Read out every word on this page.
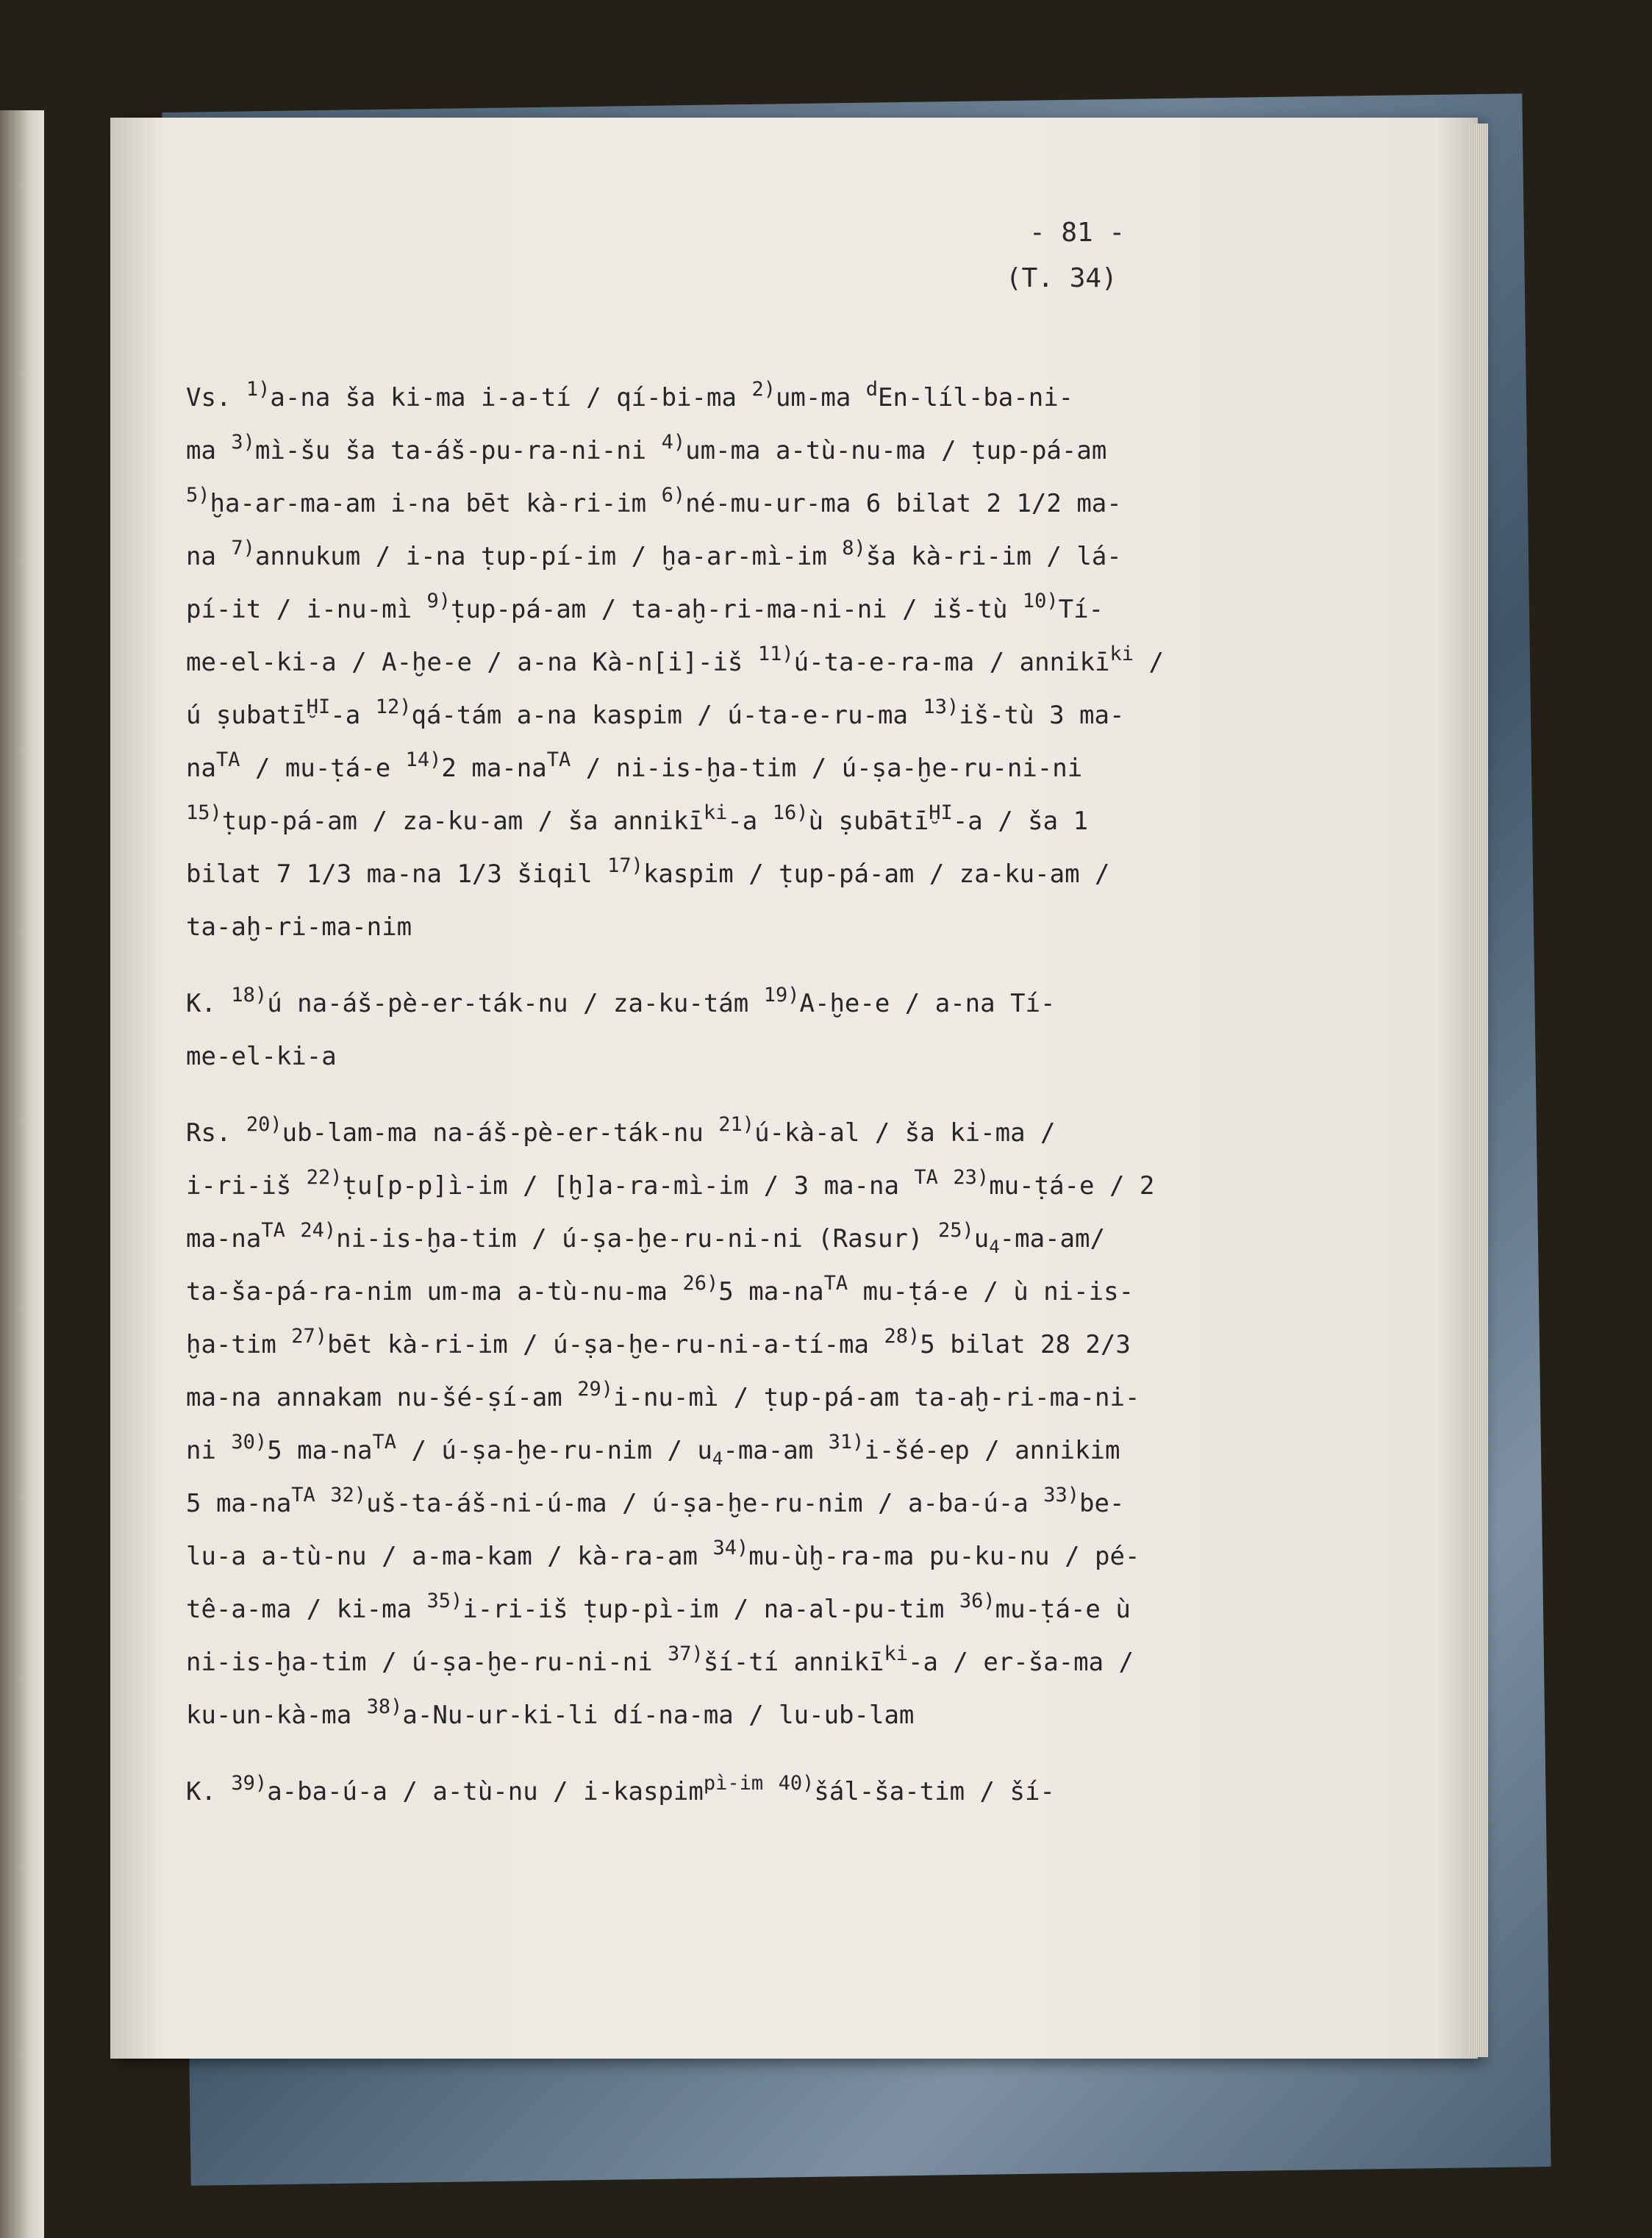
- 81 -
(T. 34)
Vs. $^{1)}$a-na ša ki-ma i-a-tí / qí-bi-ma $^{2)}$um-ma $^d$En-líl-ba-ni-
ma $^{3)}$mì-šu ša ta-áš-pu-ra-ni-ni $^{4)}$um-ma a-tù-nu-ma / ṭup-pá-am
$^{5)}$ḫa-ar-ma-am i-na bēt kà-ri-im $^{6)}$né-mu-ur-ma 6 bilat 2 1/2 ma-
na $^{7)}$annukum / i-na ṭup-pí-im / ḫa-ar-mì-im $^{8)}$ša kà-ri-im / lá-
pí-it / i-nu-mì $^{9)}$ṭup-pá-am / ta-aḫ-ri-ma-ni-ni / iš-tù $^{10)}$Tí-
me-el-ki-a / A-ḫe-e / a-na Kà-n[i]-iš $^{11)}$ú-ta-e-ra-ma / annikī$^{ki}$ /
ú ṣubatī$^{ḪI}$-a $^{12)}$qá-tám a-na kaspim / ú-ta-e-ru-ma $^{13)}$iš-tù 3 ma-
$na^{TA}$ / mu-ṭá-e $^{14)}$2 $ma-na^{TA}$ / ni-is-ḫa-tim / ú-ṣa-ḫe-ru-ni-ni
$^{15)}$ṭup-pá-am / za-ku-am / ša annikī$^{ki}$-a $^{16)}$ù ṣubātī$^{ḪI}$-a / ša 1
bilat 7 1/3 ma-na 1/3 šiqil $^{17)}$kaspim / ṭup-pá-am / za-ku-am /
ta-aḫ-ri-ma-nim
K. $^{18)}$ú na-áš-pè-er-ták-nu / za-ku-tám $^{19)}$A-ḫe-e / a-na Tí-
me-el-ki-a
Rs. $^{20)}$ub-lam-ma na-áš-pè-er-ták-nu $^{21)}$ú-kà-al / ša ki-ma /
i-ri-iš $^{22)}$ṭu[p-p]ì-im / [ḫ]a-ra-mì-im / 3 ma-na $^{TA}$ $^{23)}$mu-ṭá-e / 2
$ma-na^{TA}$ $^{24)}$ni-is-ḫa-tim / ú-ṣa-ḫe-ru-ni-ni (Rasur) $^{25)}u_4-ma-am/$
ta-ša-pá-ra-nim um-ma a-tù-nu-ma $^{26)}$5 $ma-na^{TA}$ mu-ṭá-e / ù ni-is-
ḫa-tim $^{27)}$bēt kà-ri-im / ú-ṣa-ḫe-ru-ni-a-tí-ma $^{28)}$5 bilat 28 2/3
ma-na annakam nu-šé-ṣí-am $^{29)}$i-nu-mì / ṭup-pá-am ta-aḫ-ri-ma-ni-
ni $^{30)}$5 $ma-na^{TA}$ / ú-ṣa-ḫe-ru-nim / $u_4-ma-am$ $^{31)}$i-šé-ep / annikim
5 $ma-na^{TA}$ $^{32)}$uš-ta-áš-ni-ú-ma / ú-ṣa-ḫe-ru-nim / a-ba-ú-a $^{33)}$be-
lu-a a-tù-nu / a-ma-kam / kà-ra-am $^{34)}$mu-ùḫ-ra-ma pu-ku-nu / pé-
tê-a-ma / ki-ma $^{35)}$i-ri-iš ṭup-pì-im / na-al-pu-tim $^{36)}$mu-ṭá-e ù
ni-is-ḫa-tim / ú-ṣa-ḫe-ru-ni-ni $^{37)}$ší-tí annikī$^{ki}$-a / er-ša-ma /
ku-un-kà-ma $^{38)}$a-Nu-ur-ki-li dí-na-ma / lu-ub-lam
K. $^{39)}$a-ba-ú-a / a-tù-nu / i-kaspim$^{pì-im}$ $^{40)}$šál-ša-tim / ší-
